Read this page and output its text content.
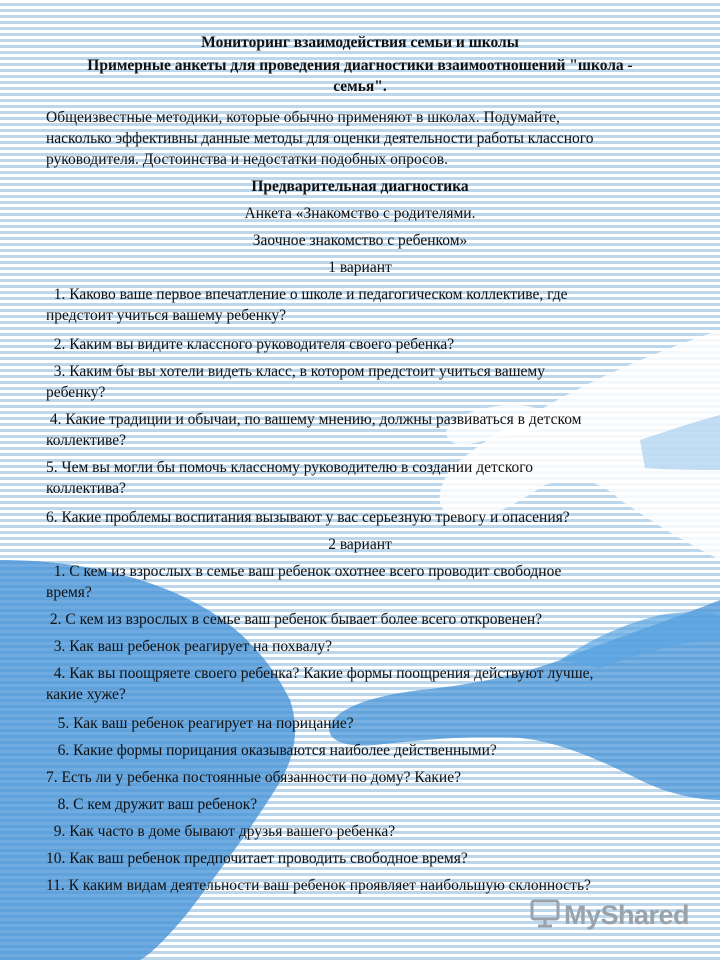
Мониторинг взаимодействия семьи и школы
Примерные анкеты для проведения диагностики взаимоотношений "школа -
семья".
Общеизвестные методики, которые обычно применяют в школах. Подумайте,
насколько эффективны данные методы для оценки деятельности работы классного
руководителя. Достоинства и недостатки подобных опросов.
Предварительная диагностика
Анкета «Знакомство с родителями.
Заочное знакомство с ребенком»
1 вариант
1. Каково ваше первое впечатление о школе и педагогическом коллективе, где
предстоит учиться вашему ребенку?
2. Каким вы видите классного руководителя своего ребенка?
3. Каким бы вы хотели видеть класс, в котором предстоит учиться вашему
ребенку?
4. Какие традиции и обычаи, по вашему мнению, должны развиваться в детском
коллективе?
5. Чем вы могли бы помочь классному руководителю в создании детского
коллектива?
6. Какие проблемы воспитания вызывают у вас серьезную тревогу и опасения?
2 вариант
1. С кем из взрослых в семье ваш ребенок охотнее всего проводит свободное
время?
2. С кем из взрослых в семье ваш ребенок бывает более всего откровенен?
3. Как ваш ребенок реагирует на похвалу?
4. Как вы поощряете своего ребенка? Какие формы поощрения действуют лучше,
какие хуже?
5. Как ваш ребенок реагирует на порицание?
6. Какие формы порицания оказываются наиболее действенными?
7. Есть ли у ребенка постоянные обязанности по дому? Какие?
8. С кем дружит ваш ребенок?
9. Как часто в доме бывают друзья вашего ребенка?
10. Как ваш ребенок предпочитает проводить свободное время?
11. К каким видам деятельности ваш ребенок проявляет наибольшую склонность?
MyShared
